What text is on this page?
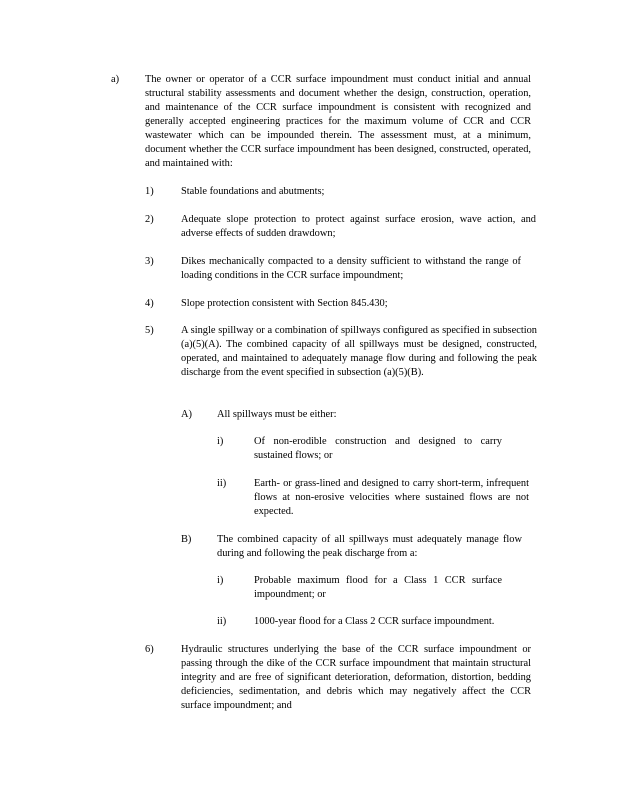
a) The owner or operator of a CCR surface impoundment must conduct initial and annual structural stability assessments and document whether the design, construction, operation, and maintenance of the CCR surface impoundment is consistent with recognized and generally accepted engineering practices for the maximum volume of CCR and CCR wastewater which can be impounded therein. The assessment must, at a minimum, document whether the CCR surface impoundment has been designed, constructed, operated, and maintained with:
1)	Stable foundations and abutments;
2)	Adequate slope protection to protect against surface erosion, wave action, and adverse effects of sudden drawdown;
3)	Dikes mechanically compacted to a density sufficient to withstand the range of loading conditions in the CCR surface impoundment;
4)	Slope protection consistent with Section 845.430;
5)	A single spillway or a combination of spillways configured as specified in subsection (a)(5)(A). The combined capacity of all spillways must be designed, constructed, operated, and maintained to adequately manage flow during and following the peak discharge from the event specified in subsection (a)(5)(B).
A) All spillways must be either:
i)	Of non-erodible construction and designed to carry sustained flows; or
ii)	Earth- or grass-lined and designed to carry short-term, infrequent flows at non-erosive velocities where sustained flows are not expected.
B) The combined capacity of all spillways must adequately manage flow during and following the peak discharge from a:
i)	Probable maximum flood for a Class 1 CCR surface impoundment; or
ii)	1000-year flood for a Class 2 CCR surface impoundment.
6)	Hydraulic structures underlying the base of the CCR surface impoundment or passing through the dike of the CCR surface impoundment that maintain structural integrity and are free of significant deterioration, deformation, distortion, bedding deficiencies, sedimentation, and debris which may negatively affect the CCR surface impoundment; and
